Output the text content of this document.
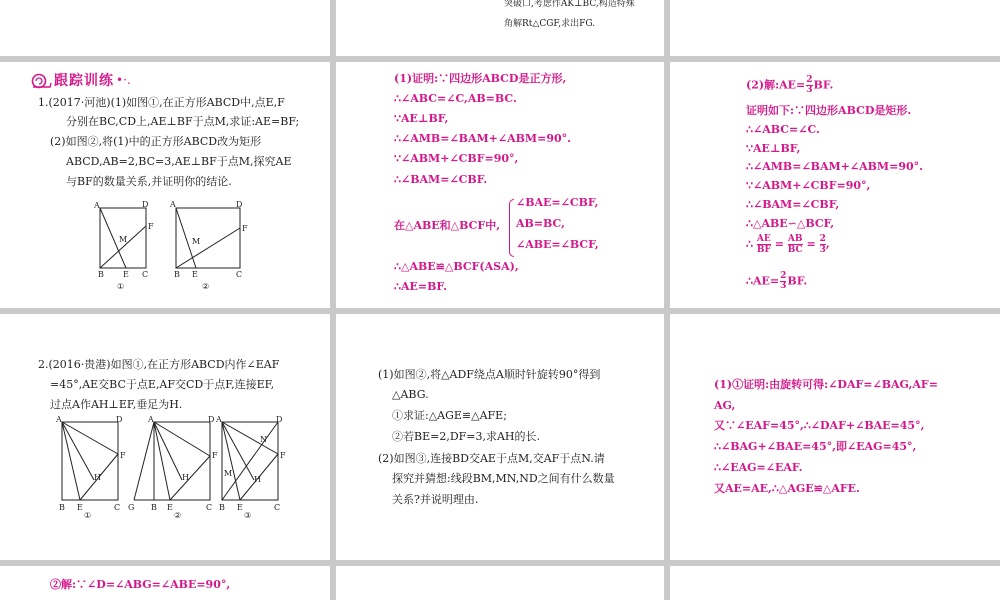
突破口,考虑作AK⊥BC,构造特殊
角解Rt△CGF,求出FG.
跟踪训练 •·.
1.(2017·河池)(1)如图①,在正方形ABCD中,点E,F
分别在BC,CD上,AE⊥BF于点M,求证:AE=BF;
(2)如图②,将(1)中的正方形ABCD改为矩形
ABCD,AB=2,BC=3,AE⊥BF于点M,探究AE
与BF的数量关系,并证明你的结论.
A	D
F
M
B E C
①
A	D
F
M
B E	C
②
(1)证明:∵四边形ABCD是正方形,
∴∠ABC=∠C,AB=BC.
∵AE⊥BF,
∴∠AMB=∠BAM+∠ABM=90°.
∵∠ABM+∠CBF=90°,
∴∠BAM=∠CBF.
在△ABE和△BCF中,
∠BAE=∠CBF,
AB=BC,
∠ABE=∠BCF,
∴△ABE≌△BCF(ASA),
∴AE=BF.
(2)解:AE= $\frac{2}{3}$ BF.
证明如下:∵四边形ABCD是矩形.
∴∠ABC=∠C.
∵AE⊥BF,
∴∠AMB=∠BAM+∠ABM=90°.
∵∠ABM+∠CBF=90°,
∴∠BAM=∠CBF,
∴△ABE∽△BCF,
∴ $\frac{AE}{BF} = \frac{AB}{BC} = \frac{2}{3}$ ,
∴AE= $\frac{2}{3}$ BF.
2.(2016·贵港)如图①,在正方形ABCD内作∠EAF
=45°,AE交BC于点E,AF交CD于点F,连接EF,
过点A作AH⊥EF,垂足为H.
A	D
F
H
B E	C
①
A	D
F
H
G B E	C
②
A	D
N
F
M
H
B E	C
③
(1)如图②,将△ADF绕点A顺时针旋转90°得到
△ABG.
①求证:△AGE≌△AFE;
②若BE=2,DF=3,求AH的长.
(2)如图③,连接BD交AE于点M,交AF于点N.请
探究并猜想:线段BM,MN,ND之间有什么数量
关系?并说明理由.
(1)①证明:由旋转可得:∠DAF=∠BAG,AF=
AG,
又∵∠EAF=45°,∴∠DAF+∠BAE=45°,
∴∠BAG+∠BAE=45°,即∠EAG=45°,
∴∠EAG=∠EAF.
又AE=AE,∴△AGE≌△AFE.
②解:∵∠D=∠ABG=∠ABE=90°,
